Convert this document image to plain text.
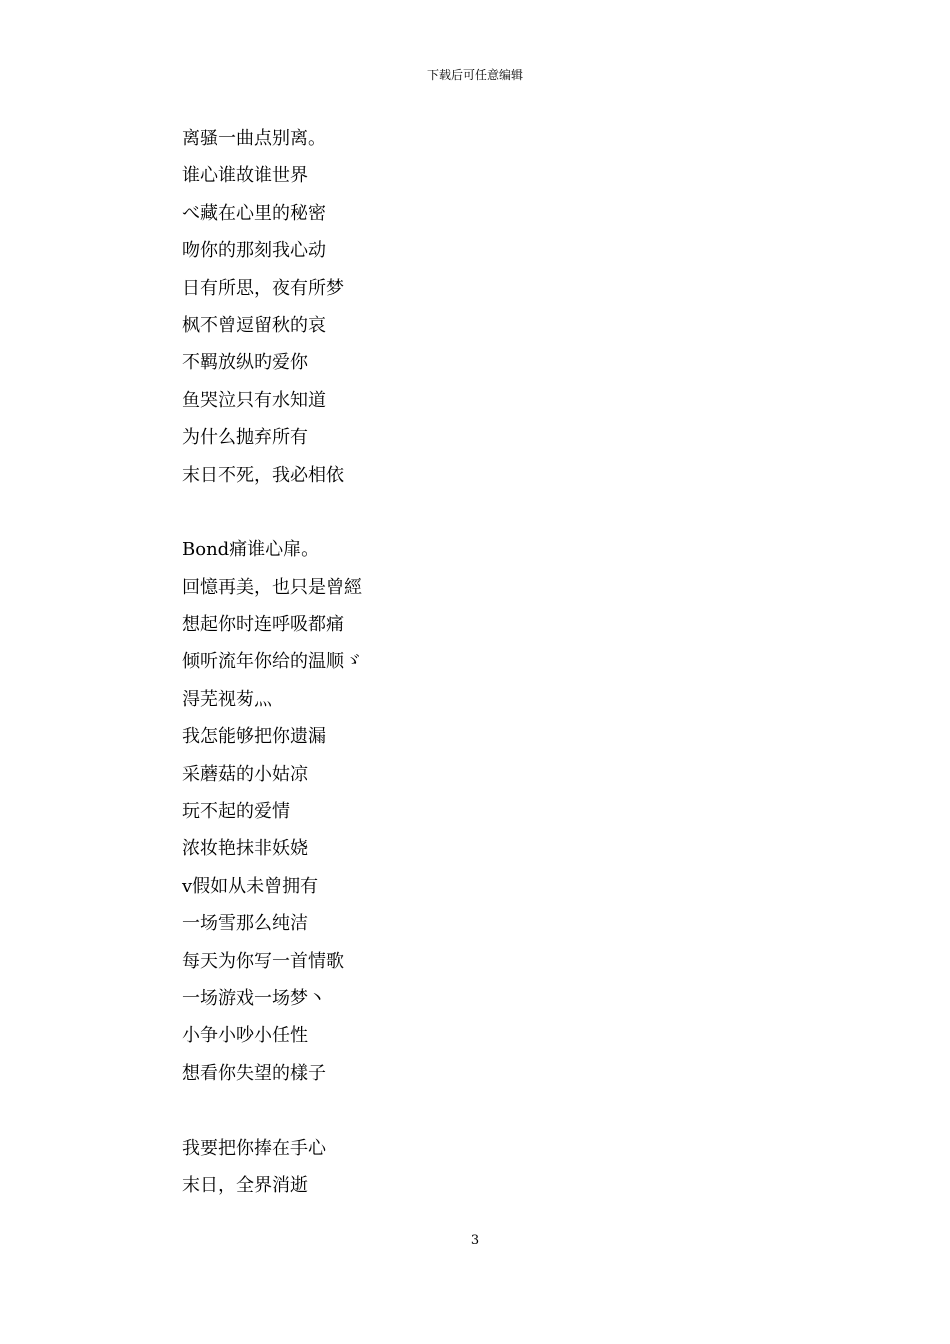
下载后可任意编辑
离骚一曲点别离。
谁心谁故谁世界
べ藏在心里的秘密
吻你的那刻我心动
日有所思，夜有所梦
枫不曾逗留秋的哀
不羁放纵旳爱你
鱼哭泣只有水知道
为什么抛弃所有
末日不死，我必相依
Bond痛谁心扉。
回憶再美，也只是曾經
想起你时连呼吸都痛
倾听流年你给的温顺ゞ
淂芜视茐灬
我怎能够把你遗漏
采蘑菇的小姑凉
玩不起的爱情
浓妆艳抹非妖娆
v假如从未曾拥有
一场雪那么纯洁
每天为你写一首情歌
一场游戏一场梦丶
小争小吵小任性
想看你失望的樣子
我要把你捧在手心
末日，全界消逝
3
